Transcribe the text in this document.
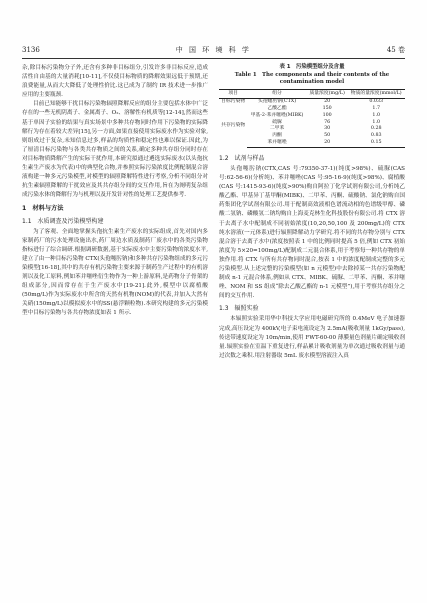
3136	中 国 环 境 科 学	45 卷

杂,除目标污染物分子外,还含有多种非目标组分,引发许多非目标反应,造成活性自由基的大量消耗[10-11],不仅使目标物质的降解效果远低于预期,还浪费能量,从而大大降低了处理性价比.这已成为了制约 IR 技术进一步推广应用的主要瓶颈.

目前已知能够干扰目标污染物辐照降解反应的组分主要包括水体中广泛存在的一些无机阴离子、金属离子、O₂、溶解性有机质等[12-14],然而这些基于单因子实验的结果与真实场景中多种共存物同时作用下污染物的实际降解行为存在着较大差异[15],另一方面,如果直接使用实际废水作为实验对象,则组成过于复杂,未知信息过多,样品的均质性和稳定性也难以保证.因此,为了厘清目标污染物与各类共存物质之间的关系,确定多种共存组分同时存在对目标物质降解产生的实际干扰作用,本研究拟通过遴选实际废水(以头孢抗生素生产废水为代表)中的典型化合物,并参照实际污染浓度比例配制混合溶液构建一种多元污染模型,对模型的辐照降解特性进行考察,分析不同组分对抗生素辐照降解的干扰效应及其共存组分间的交互作用,旨在为阐明复杂组成污染水体的降解行为与机理以及开发针对性的处理工艺提供参考.

1　材料与方法
1.1　水质调查及污染模型构建

为了客观、全面地掌握头孢抗生素生产废水的实际组成,首先对国内多家制药厂的污水处理设施出水,药厂周边水质及制药厂废水中的各类污染物指标进行了综合调研.根据调研数据,基于实际废水中主要污染物的浓度水平,建立了由一种目标污染物 CTX(头孢噻肟钠)和多种共存污染物组成的多元污染模型[16-18],其中的共存有机污染物主要来源于制药生产过程中的有机溶剂以及化工原料,例如苯并噻唑衍生物作为一种上游原料,是药物分子骨架的组成部分,因而常存在于生产废水中[19-21].此外,模型中以腐植酸(50mg/L)作为实际废水中所含的天然有机物(NOM)的代表,并加入大然有关硝(150mg/L)以模拟废水中的SS(悬浮颗粒物).本研究构建的多元污染模型中目标污染物与各共存物浓度如表 1 所示.

表 1　污染模型组分及含量
Table 1　The components and their contents of the
contamination model
项目	组分	质量浓度(mg/L)	物质的量浓度(mmol/L)
目标污染物	头孢噻肟钠(CTX)	20	0.033
共存污染物	乙酸乙酯	150	1.7
	甲基-2-苯并噻唑(MIBK)	100	1.0
	硫脲	76	1.0
	二甲苯	30	0.28
	丙酮	50	0.83
	苯并噻唑	20	0.15
1.2　试剂与样品

头孢噻肟钠(CTX,CAS 号:79350-37-1)(纯度>98%)、硫脲(CAS 号:62-56-6)(分析纯)、苯并噻唑(CAS 号:95-16-9)(纯度>98%)、腐植酸(CAS 号:1415-93-6)(纯度>90%)购自阿拉丁化学试剂有限公司,分析纯乙酸乙酯、甲基异丁基甲酮(MIBK)、二甲苯、丙酮、硫酸钠、氯化钠购自国药集团化学试剂有限公司.用于配制高效液相色谱流动相的色谱级甲醇、磷酸二氢钠、磷酸氢二钠均购自上海麦克林生化科技股份有限公司.将 CTX 溶于去离子水中配制成不同初始浓度(10,20,50,100 及 200mg/L)的 CTX 纯水溶液(一元体系)进行辐照降解动力学研究.将不同的共存物分别与 CTX 混合溶于去离子水中(浓度按照表 1 中的比例同时提高 5 倍,例如 CTX 初始浓度为 5×20=100mg/L)配制成二元混合体系,用于考察每一种共存物的单独作用.将 CTX 与所有共存物同时混合,按表 1 中的浓度配制成完整的多元污染模型.从上述完整的污染模型(如 n 元模型)中去除掉某一共存污染物配制成 n-1 元混合体系,例如从 CTX、MIBK、硫脲、二甲苯、丙酮、苯并噻唑、NOM 和 SS 组成“除去乙酸乙酯的 n-1 元模型”),用于考察共存组分之间的交互作用.

1.3　辐照实验

本辐照实验采用华中科技大学应用电磁研究所的 0.4MeV 电子加速器完成,高压设定为 400kV,电子束电流设定为 2.5mA(吸收剂量 1kGy/pass),传送带速度设定为 10m/min,使用 FWT-60-00 薄膜量色剂量片确定吸收剂量.辐照实验在室温下重复进行,样品累计吸收剂量为单次通过吸收剂量与通过次数之乘积.用注射器取 5mL 废水模型溶液注入真
